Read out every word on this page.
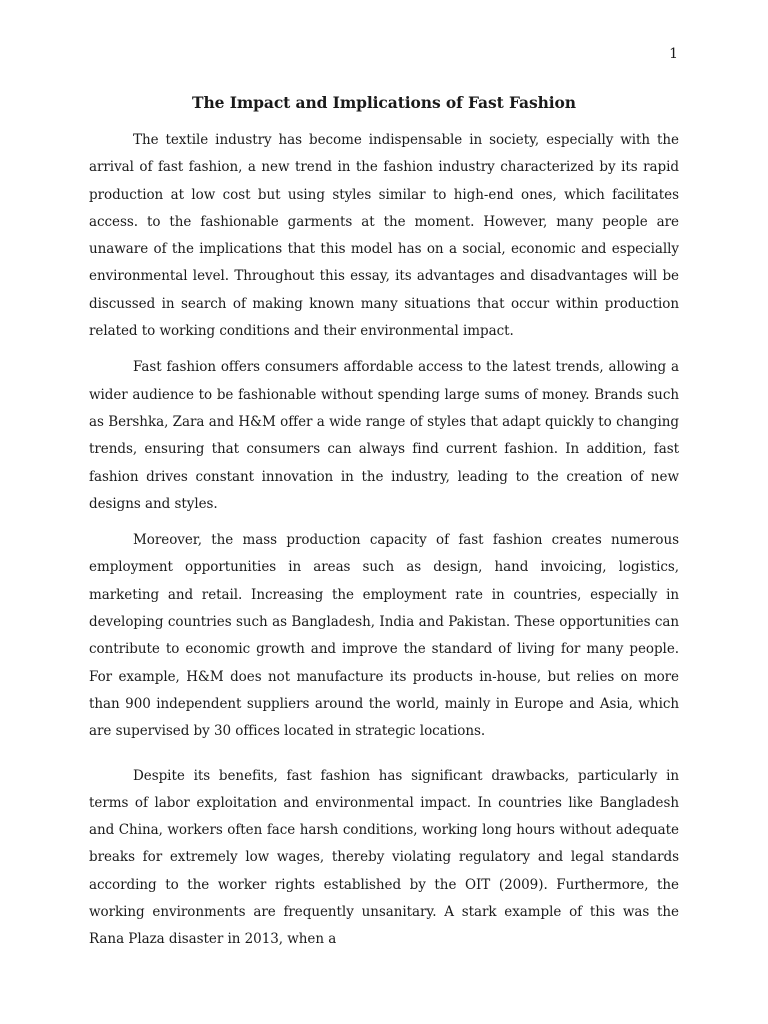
1
The Impact and Implications of Fast Fashion

The textile industry has become indispensable in society, especially with the arrival of fast fashion, a new trend in the fashion industry characterized by its rapid production at low cost but using styles similar to high-end ones, which facilitates access. to the fashionable garments at the moment. However, many people are unaware of the implications that this model has on a social, economic and especially environmental level. Throughout this essay, its advantages and disadvantages will be discussed in search of making known many situations that occur within production related to working conditions and their environmental impact.

Fast fashion offers consumers affordable access to the latest trends, allowing a wider audience to be fashionable without spending large sums of money. Brands such as Bershka, Zara and H&M offer a wide range of styles that adapt quickly to changing trends, ensuring that consumers can always find current fashion. In addition, fast fashion drives constant innovation in the industry, leading to the creation of new designs and styles.

Moreover, the mass production capacity of fast fashion creates numerous employment opportunities in areas such as design, hand invoicing, logistics, marketing and retail. Increasing the employment rate in countries, especially in developing countries such as Bangladesh, India and Pakistan. These opportunities can contribute to economic growth and improve the standard of living for many people. For example, H&M does not manufacture its products in-house, but relies on more than 900 independent suppliers around the world, mainly in Europe and Asia, which are supervised by 30 offices located in strategic locations.

Despite its benefits, fast fashion has significant drawbacks, particularly in terms of labor exploitation and environmental impact. In countries like Bangladesh and China, workers often face harsh conditions, working long hours without adequate breaks for extremely low wages, thereby violating regulatory and legal standards according to the worker rights established by the OIT (2009). Furthermore, the working environments are frequently unsanitary. A stark example of this was the Rana Plaza disaster in 2013, when a
